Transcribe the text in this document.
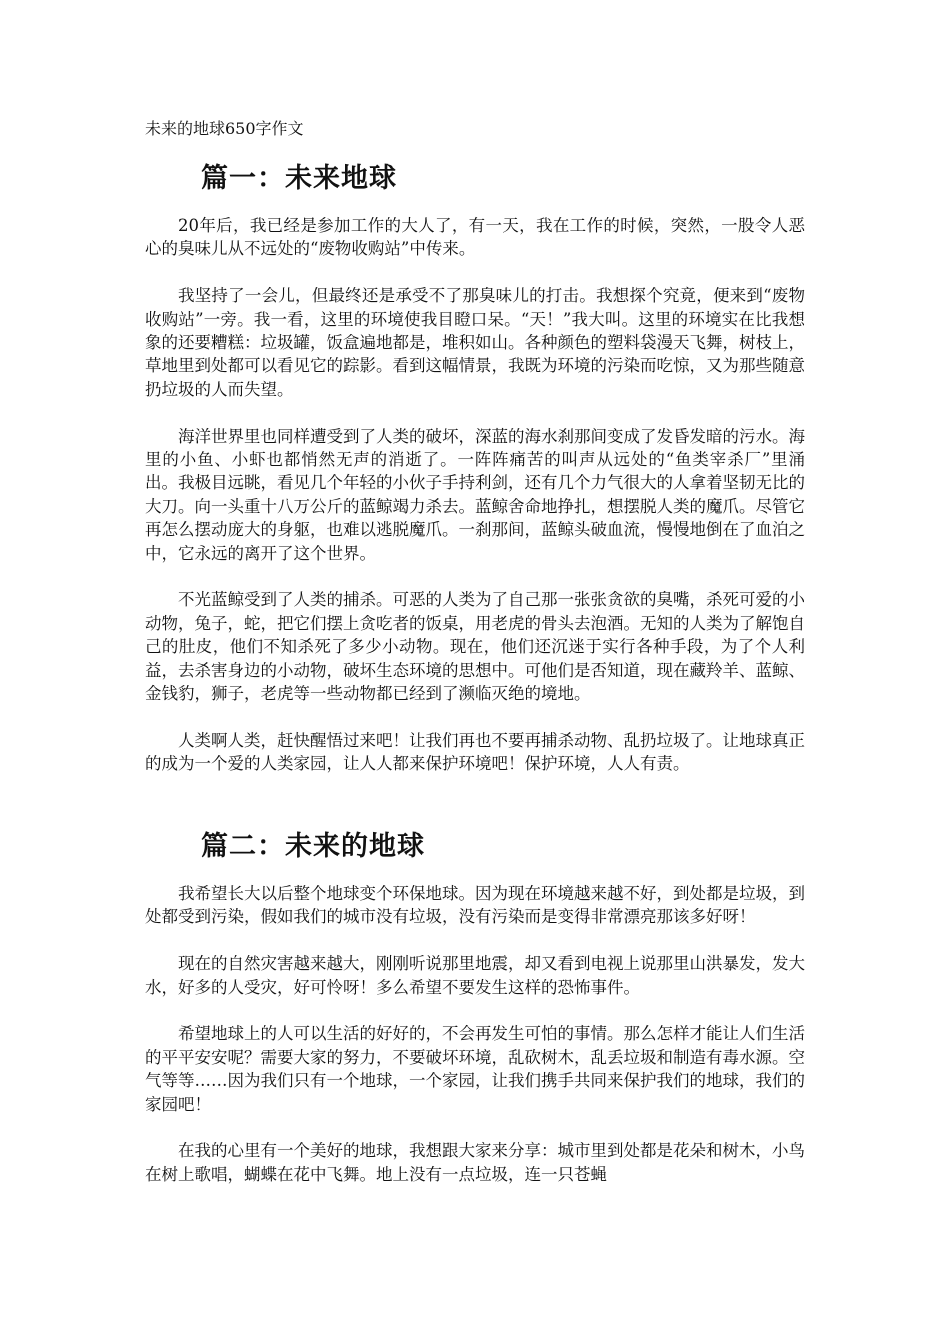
未来的地球650字作文
篇一：未来地球

20年后，我已经是参加工作的大人了，有一天，我在工作的时候，突然，一股令人恶心的臭味儿从不远处的“废物收购站”中传来。

我坚持了一会儿，但最终还是承受不了那臭味儿的打击。我想探个究竟，便来到“废物收购站”一旁。我一看，这里的环境使我目瞪口呆。“天！”我大叫。这里的环境实在比我想象的还要糟糕：垃圾罐，饭盒遍地都是，堆积如山。各种颜色的塑料袋漫天飞舞，树枝上，草地里到处都可以看见它的踪影。看到这幅情景，我既为环境的污染而吃惊，又为那些随意扔垃圾的人而失望。

海洋世界里也同样遭受到了人类的破坏，深蓝的海水刹那间变成了发昏发暗的污水。海里的小鱼、小虾也都悄然无声的消逝了。一阵阵痛苦的叫声从远处的“鱼类宰杀厂”里涌出。我极目远眺，看见几个年轻的小伙子手持利剑，还有几个力气很大的人拿着坚韧无比的大刀。向一头重十八万公斤的蓝鲸竭力杀去。蓝鲸舍命地挣扎，想摆脱人类的魔爪。尽管它再怎么摆动庞大的身躯，也难以逃脱魔爪。一刹那间，蓝鲸头破血流，慢慢地倒在了血泊之中，它永远的离开了这个世界。

不光蓝鲸受到了人类的捕杀。可恶的人类为了自己那一张张贪欲的臭嘴，杀死可爱的小动物，兔子，蛇，把它们摆上贪吃者的饭桌，用老虎的骨头去泡酒。无知的人类为了解饱自己的肚皮，他们不知杀死了多少小动物。现在，他们还沉迷于实行各种手段，为了个人利益，去杀害身边的小动物，破坏生态环境的思想中。可他们是否知道，现在藏羚羊、蓝鲸、金钱豹，狮子，老虎等一些动物都已经到了濒临灭绝的境地。

人类啊人类，赶快醒悟过来吧！让我们再也不要再捕杀动物、乱扔垃圾了。让地球真正的成为一个爱的人类家园，让人人都来保护环境吧！保护环境，人人有责。

篇二：未来的地球

我希望长大以后整个地球变个环保地球。因为现在环境越来越不好，到处都是垃圾，到处都受到污染，假如我们的城市没有垃圾，没有污染而是变得非常漂亮那该多好呀！

现在的自然灾害越来越大，刚刚听说那里地震，却又看到电视上说那里山洪暴发，发大水，好多的人受灾，好可怜呀！多么希望不要发生这样的恐怖事件。

希望地球上的人可以生活的好好的，不会再发生可怕的事情。那么怎样才能让人们生活的平平安安呢？需要大家的努力，不要破坏环境，乱砍树木，乱丢垃圾和制造有毒水源。空气等等……因为我们只有一个地球，一个家园，让我们携手共同来保护我们的地球，我们的家园吧！

在我的心里有一个美好的地球，我想跟大家来分享：城市里到处都是花朵和树木，小鸟在树上歌唱，蝴蝶在花中飞舞。地上没有一点垃圾，连一只苍蝇
